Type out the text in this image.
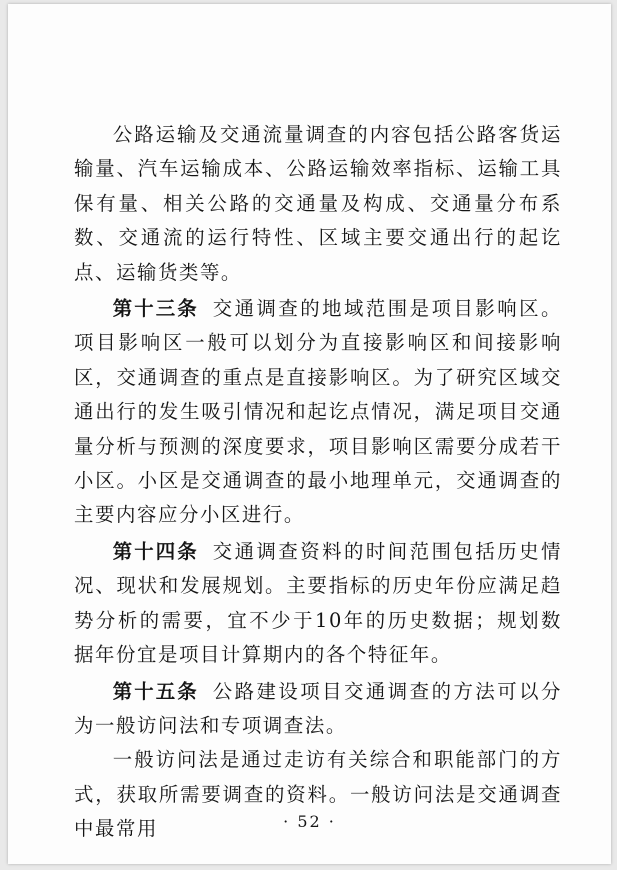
公路运输及交通流量调查的内容包括公路客货运输量、汽车运输成本、公路运输效率指标、运输工具保有量、相关公路的交通量及构成、交通量分布系数、交通流的运行特性、区域主要交通出行的起讫点、运输货类等。

第十三条 交通调查的地域范围是项目影响区。项目影响区一般可以划分为直接影响区和间接影响区，交通调查的重点是直接影响区。为了研究区域交通出行的发生吸引情况和起讫点情况，满足项目交通量分析与预测的深度要求，项目影响区需要分成若干小区。小区是交通调查的最小地理单元，交通调查的主要内容应分小区进行。

第十四条 交通调查资料的时间范围包括历史情况、现状和发展规划。主要指标的历史年份应满足趋势分析的需要，宜不少于10年的历史数据；规划数据年份宜是项目计算期内的各个特征年。

第十五条 公路建设项目交通调查的方法可以分为一般访问法和专项调查法。

一般访问法是通过走访有关综合和职能部门的方式，获取所需要调查的资料。一般访问法是交通调查中最常用	· 52 ·
